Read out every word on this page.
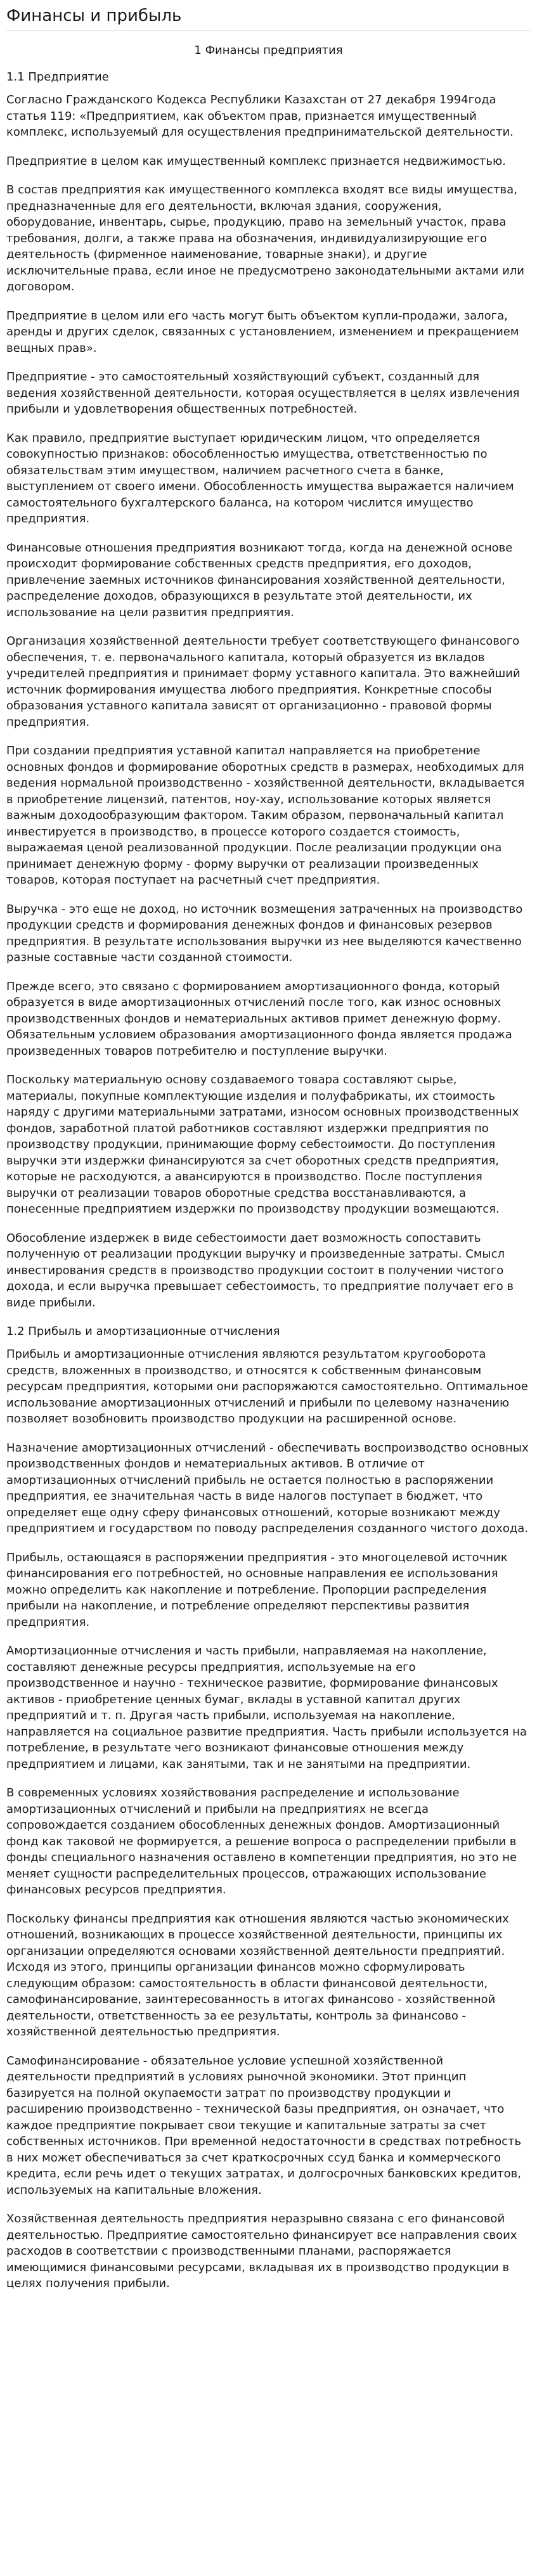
Финансы и прибыль
1 Финансы предприятия
1.1 Предприятие

Согласно Гражданского Кодекса Республики Казахстан от 27 декабря 1994года статья 119: «Предприятием, как объектом прав, признается имущественный комплекс, используемый для осуществления предпринимательской деятельности.

Предприятие в целом как имущественный комплекс признается недвижимостью.

В состав предприятия как имущественного комплекса входят все виды имущества, предназначенные для его деятельности, включая здания, сооружения, оборудование, инвентарь, сырье, продукцию, право на земельный участок, права требования, долги, а также права на обозначения, индивидуализирующие его деятельность (фирменное наименование, товарные знаки), и другие исключительные права, если иное не предусмотрено законодательными актами или договором.

Предприятие в целом или его часть могут быть объектом купли-продажи, залога, аренды и других сделок, связанных с установлением, изменением и прекращением вещных прав».

Предприятие - это самостоятельный хозяйствующий субъект, созданный для ведения хозяйственной деятельности, которая осуществляется в целях извлечения прибыли и удовлетворения общественных потребностей.

Как правило, предприятие выступает юридическим лицом, что определяется совокупностью признаков: обособленностью имущества, ответственностью по обязательствам этим имуществом, наличием расчетного счета в банке, выступлением от своего имени. Обособленность имущества выражается наличием самостоятельного бухгалтерского баланса, на котором числится имущество предприятия.

Финансовые отношения предприятия возникают тогда, когда на денежной основе происходит формирование собственных средств предприятия, его доходов, привлечение заемных источников финансирования хозяйственной деятельности, распределение доходов, образующихся в результате этой деятельности, их использование на цели развития предприятия.

Организация хозяйственной деятельности требует соответствующего финансового обеспечения, т. е. первоначального капитала, который образуется из вкладов учредителей предприятия и принимает форму уставного капитала. Это важнейший источник формирования имущества любого предприятия. Конкретные способы образования уставного капитала зависят от организационно - правовой формы предприятия.

При создании предприятия уставной капитал направляется на приобретение основных фондов и формирование оборотных средств в размерах, необходимых для ведения нормальной производственно - хозяйственной деятельности, вкладывается в приобретение лицензий, патентов, ноу-хау, использование которых является важным доходообразующим фактором. Таким образом, первоначальный капитал инвестируется в производство, в процессе которого создается стоимость, выражаемая ценой реализованной продукции. После реализации продукции она принимает денежную форму - форму выручки от реализации произведенных товаров, которая поступает на расчетный счет предприятия.

Выручка - это еще не доход, но источник возмещения затраченных на производство продукции средств и формирования денежных фондов и финансовых резервов предприятия. В результате использования выручки из нее выделяются качественно разные составные части созданной стоимости.

Прежде всего, это связано с формированием амортизационного фонда, который образуется в виде амортизационных отчислений после того, как износ основных производственных фондов и нематериальных активов примет денежную форму. Обязательным условием образования амортизационного фонда является продажа произведенных товаров потребителю и поступление выручки.

Поскольку материальную основу создаваемого товара составляют сырье, материалы, покупные комплектующие изделия и полуфабрикаты, их стоимость наряду с другими материальными затратами, износом основных производственных фондов, заработной платой работников составляют издержки предприятия по производству продукции, принимающие форму себестоимости. До поступления выручки эти издержки финансируются за счет оборотных средств предприятия, которые не расходуются, а авансируются в производство. После поступления выручки от реализации товаров оборотные средства восстанавливаются, а понесенные предприятием издержки по производству продукции возмещаются.

Обособление издержек в виде себестоимости дает возможность сопоставить полученную от реализации продукции выручку и произведенные затраты. Смысл инвестирования средств в производство продукции состоит в получении чистого дохода, и если выручка превышает себестоимость, то предприятие получает его в виде прибыли.

1.2 Прибыль и амортизационные отчисления

Прибыль и амортизационные отчисления являются результатом кругооборота средств, вложенных в производство, и относятся к собственным финансовым ресурсам предприятия, которыми они распоряжаются самостоятельно. Оптимальное использование амортизационных отчислений и прибыли по целевому назначению позволяет возобновить производство продукции на расширенной основе.

Назначение амортизационных отчислений - обеспечивать воспроизводство основных производственных фондов и нематериальных активов. В отличие от амортизационных отчислений прибыль не остается полностью в распоряжении предприятия, ее значительная часть в виде налогов поступает в бюджет, что определяет еще одну сферу финансовых отношений, которые возникают между предприятием и государством по поводу распределения созданного чистого дохода.

Прибыль, остающаяся в распоряжении предприятия - это многоцелевой источник финансирования его потребностей, но основные направления ее использования можно определить как накопление и потребление. Пропорции распределения прибыли на накопление, и потребление определяют перспективы развития предприятия.

Амортизационные отчисления и часть прибыли, направляемая на накопление, составляют денежные ресурсы предприятия, используемые на его производственное и научно - техническое развитие, формирование финансовых активов - приобретение ценных бумаг, вклады в уставной капитал других предприятий и т. п. Другая часть прибыли, используемая на накопление, направляется на социальное развитие предприятия. Часть прибыли используется на потребление, в результате чего возникают финансовые отношения между предприятием и лицами, как занятыми, так и не занятыми на предприятии.

В современных условиях хозяйствования распределение и использование амортизационных отчислений и прибыли на предприятиях не всегда сопровождается созданием обособленных денежных фондов. Амортизационный фонд как таковой не формируется, а решение вопроса о распределении прибыли в фонды специального назначения оставлено в компетенции предприятия, но это не меняет сущности распределительных процессов, отражающих использование финансовых ресурсов предприятия.

Поскольку финансы предприятия как отношения являются частью экономических отношений, возникающих в процессе хозяйственной деятельности, принципы их организации определяются основами хозяйственной деятельности предприятий. Исходя из этого, принципы организации финансов можно сформулировать следующим образом: самостоятельность в области финансовой деятельности, самофинансирование, заинтересованность в итогах финансово - хозяйственной деятельности, ответственность за ее результаты, контроль за финансово - хозяйственной деятельностью предприятия.

Самофинансирование - обязательное условие успешной хозяйственной деятельности предприятий в условиях рыночной экономики. Этот принцип базируется на полной окупаемости затрат по производству продукции и расширению производственно - технической базы предприятия, он означает, что каждое предприятие покрывает свои текущие и капитальные затраты за счет собственных источников. При временной недостаточности в средствах потребность в них может обеспечиваться за счет краткосрочных ссуд банка и коммерческого кредита, если речь идет о текущих затратах, и долгосрочных банковских кредитов, используемых на капитальные вложения.

Хозяйственная деятельность предприятия неразрывно связана с его финансовой деятельностью. Предприятие самостоятельно финансирует все направления своих расходов в соответствии с производственными планами, распоряжается имеющимися финансовыми ресурсами, вкладывая их в производство продукции в целях получения прибыли.
